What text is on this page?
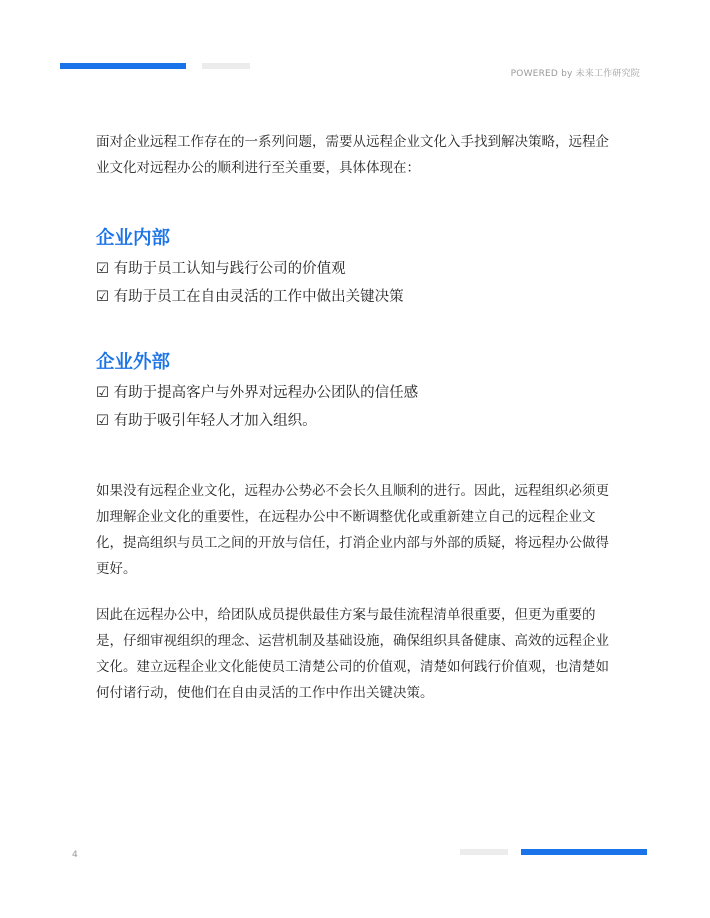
POWERED by 未来工作研究院

面对企业远程工作存在的一系列问题，需要从远程企业文化入手找到解决策略，远程企业文化对远程办公的顺利进行至关重要，具体体现在：

企业内部
☑ 有助于员工认知与践行公司的价值观
☑ 有助于员工在自由灵活的工作中做出关键决策
企业外部
☑ 有助于提高客户与外界对远程办公团队的信任感
☑ 有助于吸引年轻人才加入组织。

如果没有远程企业文化，远程办公势必不会长久且顺利的进行。因此，远程组织必须更加理解企业文化的重要性，在远程办公中不断调整优化或重新建立自己的远程企业文化，提高组织与员工之间的开放与信任，打消企业内部与外部的质疑，将远程办公做得更好。

因此在远程办公中，给团队成员提供最佳方案与最佳流程清单很重要，但更为重要的是，仔细审视组织的理念、运营机制及基础设施，确保组织具备健康、高效的远程企业文化。建立远程企业文化能使员工清楚公司的价值观，清楚如何践行价值观，也清楚如何付诸行动，使他们在自由灵活的工作中作出关键决策。

4
